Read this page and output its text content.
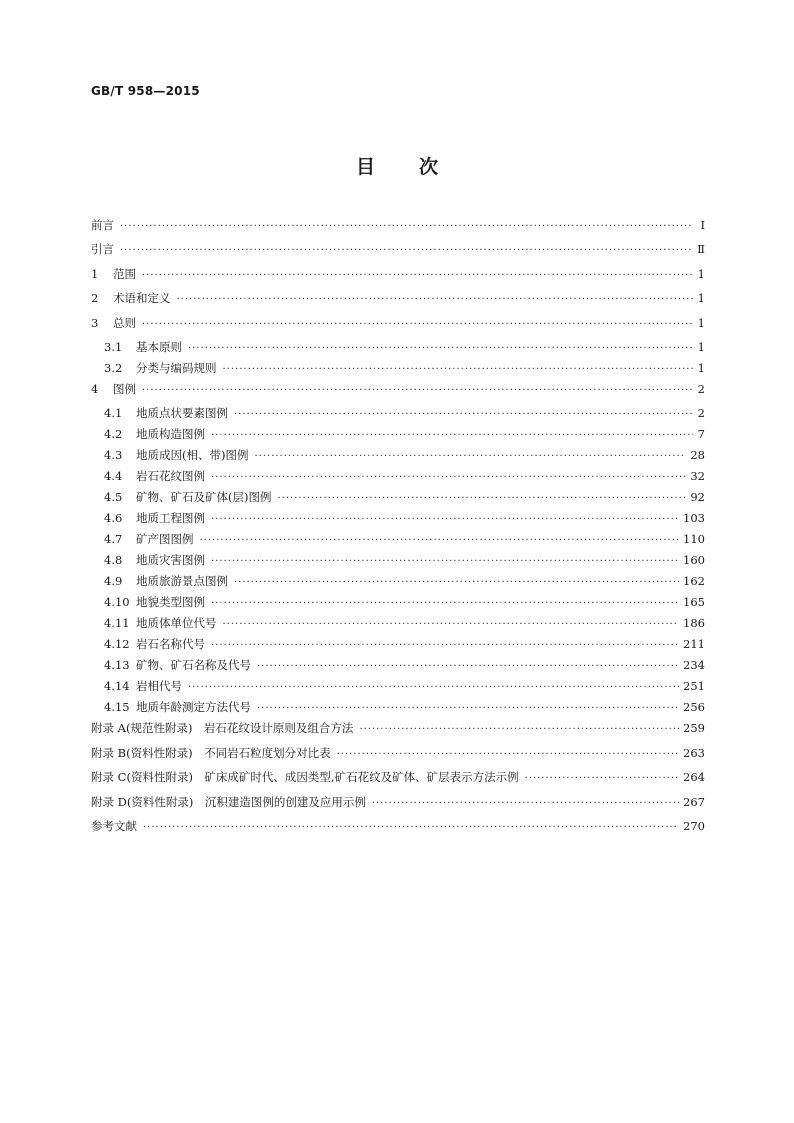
GB/T 958—2015
目 次
前言 ·····	Ⅰ
引言 ·····	Ⅱ
1	范围 ·····	1
2	术语和定义 ·····	1
3	总则 ·····	1
3.1	基本原则 ·····	1
3.2	分类与编码规则 ·····	1
4	图例 ·····	2
4.1	地质点状要素图例 ·····	2
4.2	地质构造图例 ·····	7
4.3	地质成因(相、带)图例 ·····	28
4.4	岩石花纹图例 ·····	32
4.5	矿物、矿石及矿体(层)图例 ·····	92
4.6	地质工程图例 ·····	103
4.7	矿产图图例 ·····	110
4.8	地质灾害图例 ·····	160
4.9	地质旅游景点图例 ·····	162
4.10 地貌类型图例 ·····	165
4.11 地质体单位代号 ·····	186
4.12 岩石名称代号 ·····	211
4.13 矿物、矿石名称及代号 ·····	234
4.14 岩相代号 ·····	251
4.15 地质年龄测定方法代号 ·····	256
附录 A(规范性附录)　岩石花纹设计原则及组合方法 ·····	259
附录 B(资料性附录)　不同岩石粒度划分对比表 ·····	263
附录 C(资料性附录)　矿床成矿时代、成因类型,矿石花纹及矿体、矿层表示方法示例 ·····	264
附录 D(资料性附录)　沉积建造图例的创建及应用示例 ·····	267
参考文献 ·····	270
